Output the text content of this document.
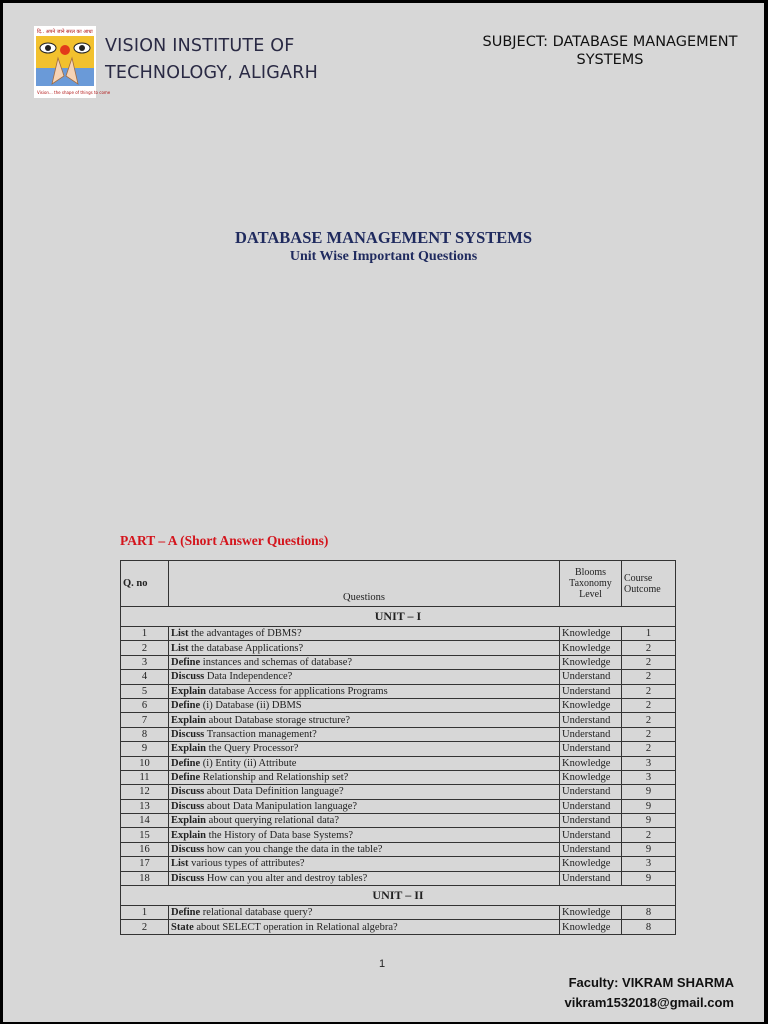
दि.. अपने जाने सरल का आधा
Vision... the shape of things to come
VISION INSTITUTE OF
TECHNOLOGY, ALIGARH
SUBJECT: DATABASE MANAGEMENT
SYSTEMS
DATABASE MANAGEMENT SYSTEMS
Unit Wise Important Questions
PART – A (Short Answer Questions)
Q. no	Questions	Blooms Taxonomy Level	Course Outcome
UNIT – I			
1	List the advantages of DBMS?	Knowledge	1
2	List the database Applications?	Knowledge	2
3	Define instances and schemas of database?	Knowledge	2
4	Discuss Data Independence?	Understand	2
5	Explain database Access for applications Programs	Understand	2
6	Define (i) Database (ii) DBMS	Knowledge	2
7	Explain about Database storage structure?	Understand	2
8	Discuss Transaction management?	Understand	2
9	Explain the Query Processor?	Understand	2
10	Define (i) Entity (ii) Attribute	Knowledge	3
11	Define Relationship and Relationship set?	Knowledge	3
12	Discuss about Data Definition language?	Understand	9
13	Discuss about Data Manipulation language?	Understand	9
14	Explain about querying relational data?	Understand	9
15	Explain the History of Data base Systems?	Understand	2
16	Discuss how can you change the data in the table?	Understand	9
17	List various types of attributes?	Knowledge	3
18	Discuss How can you alter and destroy tables?	Understand	9
UNIT – II			
1	Define relational database query?	Knowledge	8
2	State about SELECT operation in Relational algebra?	Knowledge	8
1
Faculty: VIKRAM SHARMA
vikram1532018@gmail.com
